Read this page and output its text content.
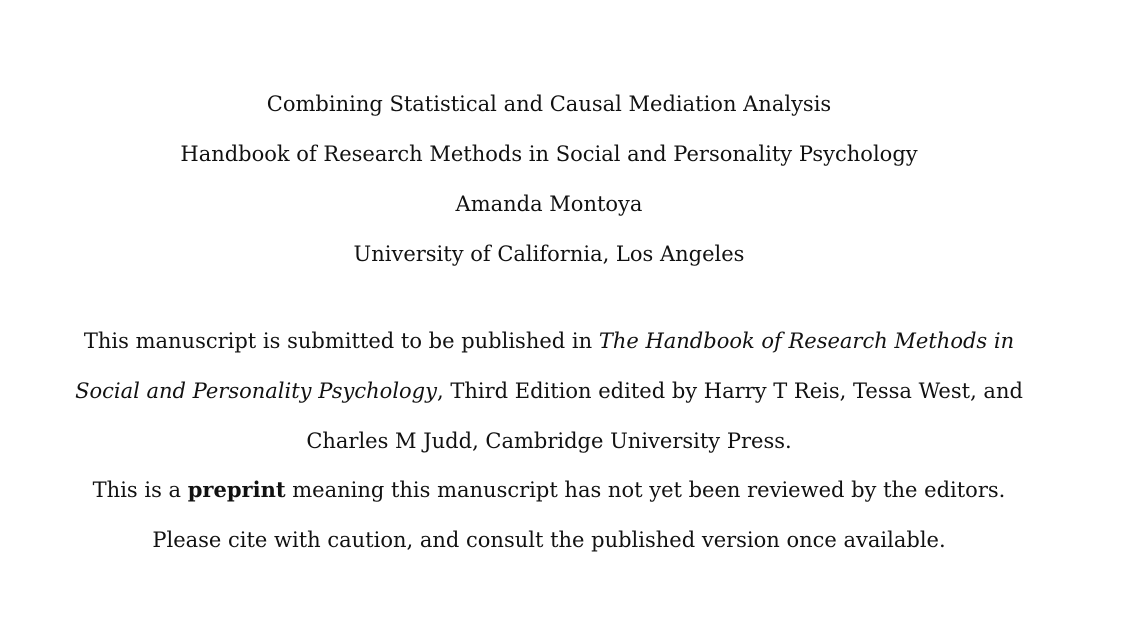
Combining Statistical and Causal Mediation Analysis
Handbook of Research Methods in Social and Personality Psychology
Amanda Montoya
University of California, Los Angeles
This manuscript is submitted to be published in The Handbook of Research Methods in
Social and Personality Psychology, Third Edition edited by Harry T Reis, Tessa West, and
Charles M Judd, Cambridge University Press.
This is a preprint meaning this manuscript has not yet been reviewed by the editors.
Please cite with caution, and consult the published version once available.
